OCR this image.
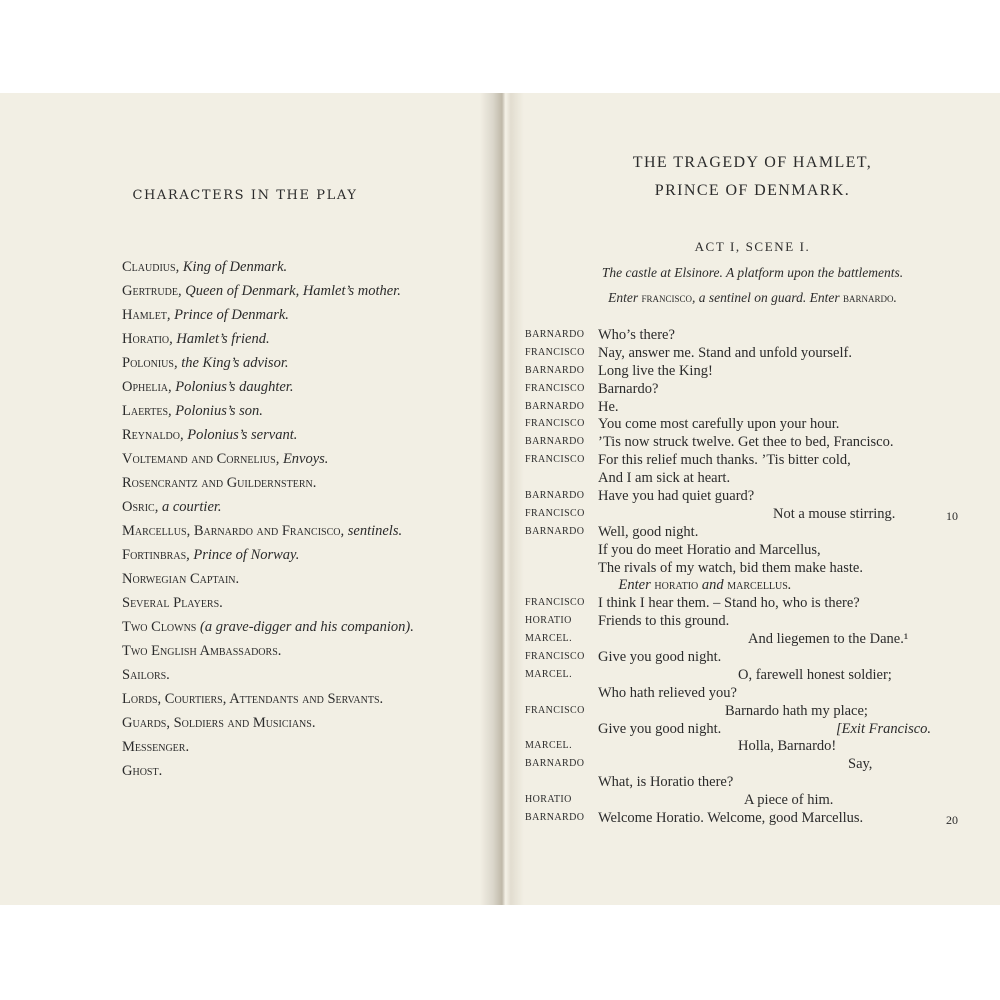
CHARACTERS IN THE PLAY
Claudius, King of Denmark.
Gertrude, Queen of Denmark, Hamlet’s mother.
Hamlet, Prince of Denmark.
Horatio, Hamlet’s friend.
Polonius, the King’s advisor.
Ophelia, Polonius’s daughter.
Laertes, Polonius’s son.
Reynaldo, Polonius’s servant.
Voltemand and Cornelius, Envoys.
Rosencrantz and Guildernstern.
Osric, a courtier.
Marcellus, Barnardo and Francisco, sentinels.
Fortinbras, Prince of Norway.
Norwegian Captain.
Several Players.
Two Clowns (a grave-digger and his companion).
Two English Ambassadors.
Sailors.
Lords, Courtiers, Attendants and Servants.
Guards, Soldiers and Musicians.
Messenger.
Ghost.
THE TRAGEDY OF HAMLET,
PRINCE OF DENMARK.
ACT I, SCENE I.
The castle at Elsinore. A platform upon the battlements.
Enter francisco, a sentinel on guard. Enter barnardo.
BARNARDO Who’s there?
FRANCISCO Nay, answer me. Stand and unfold yourself.
BARNARDO Long live the King!
FRANCISCO Barnardo?
BARNARDO He.
FRANCISCO You come most carefully upon your hour.
BARNARDO ’Tis now struck twelve. Get thee to bed, Francisco.
FRANCISCO For this relief much thanks. ’Tis bitter cold,
And I am sick at heart.
BARNARDO Have you had quiet guard?
FRANCISCO	Not a mouse stirring.	10
BARNARDO Well, good night.
If you do meet Horatio and Marcellus,
The rivals of my watch, bid them make haste.
Enter horatio and marcellus.
FRANCISCO I think I hear them. – Stand ho, who is there?
HORATIO	Friends to this ground.
MARCEL.	And liegemen to the Dane.¹
FRANCISCO Give you good night.
MARCEL.	O, farewell honest soldier;
Who hath relieved you?
FRANCISCO	Barnardo hath my place;
Give you good night.	[Exit Francisco.
MARCEL.	Holla, Barnardo!
BARNARDO	Say,
What, is Horatio there?
HORATIO	A piece of him.
BARNARDO Welcome Horatio. Welcome, good Marcellus.	20
